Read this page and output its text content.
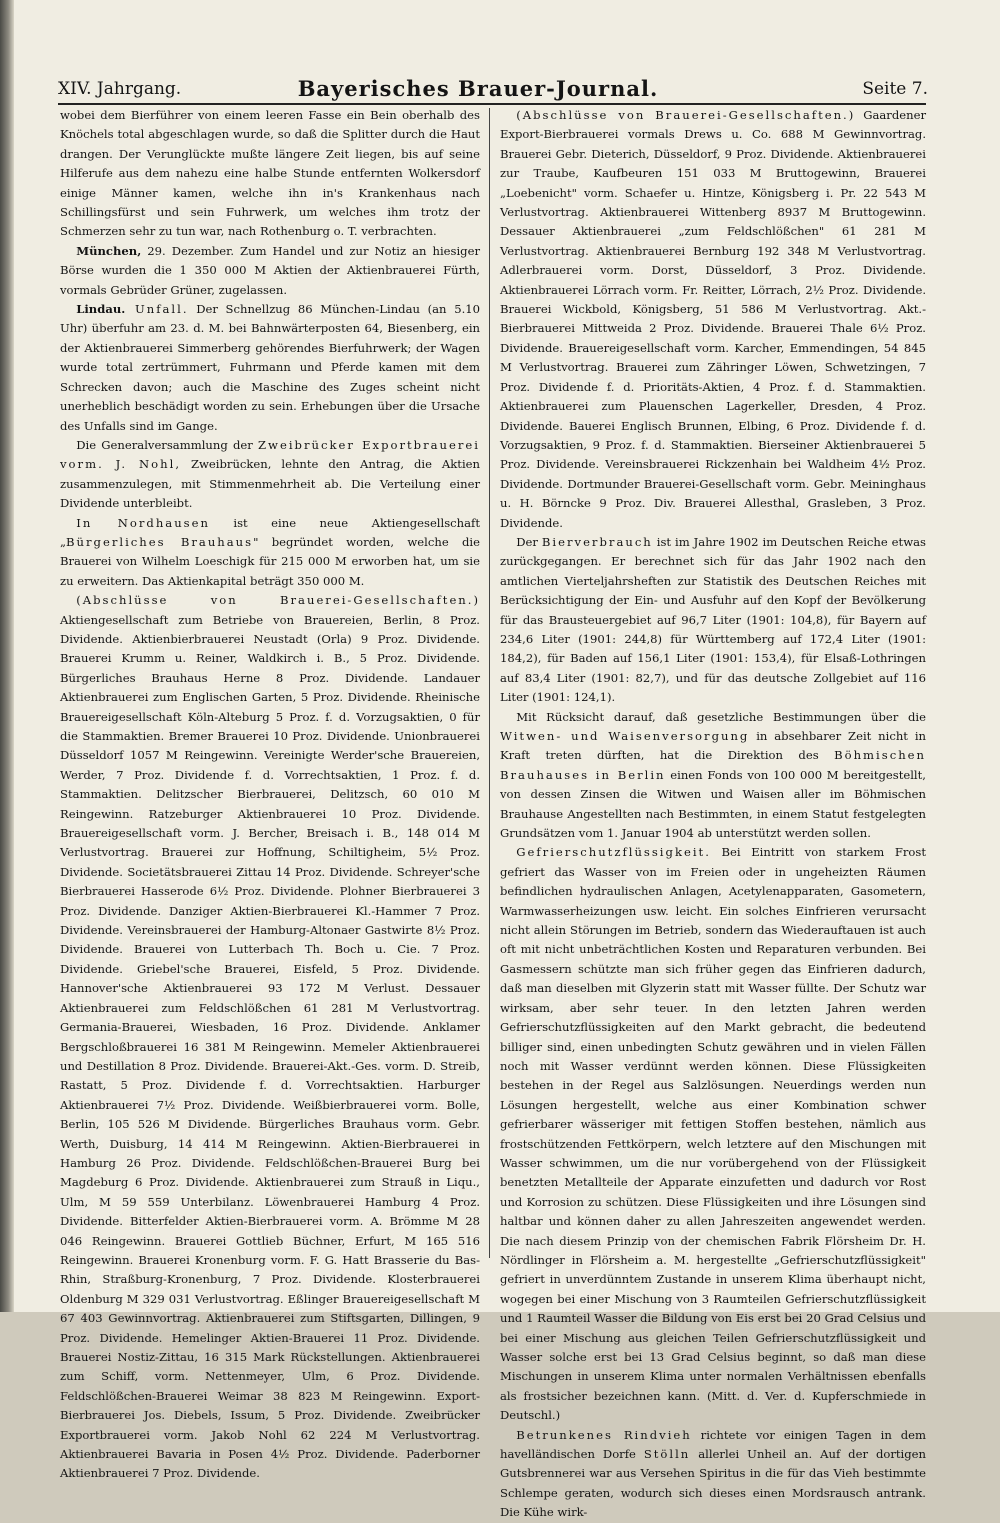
XIV. Jahrgang.	Bayerisches Brauer-Journal.	Seite 7.

wobei dem Bierführer von einem leeren Fasse ein Bein oberhalb des Knöchels total abgeschlagen wurde, so daß die Splitter durch die Haut drangen. Der Verunglückte mußte längere Zeit liegen, bis auf seine Hilferufe aus dem nahezu eine halbe Stunde entfernten Wolkersdorf einige Männer kamen, welche ihn in's Krankenhaus nach Schillingsfürst und sein Fuhrwerk, um welches ihm trotz der Schmerzen sehr zu tun war, nach Rothenburg o. T. verbrachten.

München, 29. Dezember. Zum Handel und zur Notiz an hiesiger Börse wurden die 1 350 000 M Aktien der Aktienbrauerei Fürth, vormals Gebrüder Grüner, zugelassen.

Lindau. Unfall. Der Schnellzug 86 München-Lindau (an 5.10 Uhr) überfuhr am 23. d. M. bei Bahnwärterposten 64, Biesenberg, ein der Aktienbrauerei Simmerberg gehörendes Bierfuhrwerk; der Wagen wurde total zertrümmert, Fuhrmann und Pferde kamen mit dem Schrecken davon; auch die Maschine des Zuges scheint nicht unerheblich beschädigt worden zu sein. Erhebungen über die Ursache des Unfalls sind im Gange.

Die Generalversammlung der Zweibrücker Exportbrauerei vorm. J. Nohl, Zweibrücken, lehnte den Antrag, die Aktien zusammenzulegen, mit Stimmenmehrheit ab. Die Verteilung einer Dividende unterbleibt.

In Nordhausen ist eine neue Aktiengesellschaft „Bürgerliches Brauhaus" begründet worden, welche die Brauerei von Wilhelm Loeschigk für 215 000 M erworben hat, um sie zu erweitern. Das Aktienkapital beträgt 350 000 M.

(Abschlüsse von Brauerei-Gesellschaften.) Aktiengesellschaft zum Betriebe von Brauereien, Berlin, 8 Proz. Dividende. Aktienbierbrauerei Neustadt (Orla) 9 Proz. Dividende. Brauerei Krumm u. Reiner, Waldkirch i. B., 5 Proz. Dividende. Bürgerliches Brauhaus Herne 8 Proz. Dividende. Landauer Aktienbrauerei zum Englischen Garten, 5 Proz. Dividende. Rheinische Brauereigesellschaft Köln-Alteburg 5 Proz. f. d. Vorzugsaktien, 0 für die Stammaktien. Bremer Brauerei 10 Proz. Dividende. Unionbrauerei Düsseldorf 1057 M Reingewinn. Vereinigte Werder'sche Brauereien, Werder, 7 Proz. Dividende f. d. Vorrechtsaktien, 1 Proz. f. d. Stammaktien. Delitzscher Bierbrauerei, Delitzsch, 60 010 M Reingewinn. Ratzeburger Aktienbrauerei 10 Proz. Dividende. Brauereigesellschaft vorm. J. Bercher, Breisach i. B., 148 014 M Verlustvortrag. Brauerei zur Hoffnung, Schiltigheim, 5½ Proz. Dividende. Societätsbrauerei Zittau 14 Proz. Dividende. Schreyer'sche Bierbrauerei Hasserode 6½ Proz. Dividende. Plohner Bierbrauerei 3 Proz. Dividende. Danziger Aktien-Bierbrauerei Kl.-Hammer 7 Proz. Dividende. Vereinsbrauerei der Hamburg-Altonaer Gastwirte 8½ Proz. Dividende. Brauerei von Lutterbach Th. Boch u. Cie. 7 Proz. Dividende. Griebel'sche Brauerei, Eisfeld, 5 Proz. Dividende. Hannover'sche Aktienbrauerei 93 172 M Verlust. Dessauer Aktienbrauerei zum Feldschlößchen 61 281 M Verlustvortrag. Germania-Brauerei, Wiesbaden, 16 Proz. Dividende. Anklamer Bergschloßbrauerei 16 381 M Reingewinn. Memeler Aktienbrauerei und Destillation 8 Proz. Dividende. Brauerei-Akt.-Ges. vorm. D. Streib, Rastatt, 5 Proz. Dividende f. d. Vorrechtsaktien. Harburger Aktienbrauerei 7½ Proz. Dividende. Weißbierbrauerei vorm. Bolle, Berlin, 105 526 M Dividende. Bürgerliches Brauhaus vorm. Gebr. Werth, Duisburg, 14 414 M Reingewinn. Aktien-Bierbrauerei in Hamburg 26 Proz. Dividende. Feldschlößchen-Brauerei Burg bei Magdeburg 6 Proz. Dividende. Aktienbrauerei zum Strauß in Liqu., Ulm, M 59 559 Unterbilanz. Löwenbrauerei Hamburg 4 Proz. Dividende. Bitterfelder Aktien-Bierbrauerei vorm. A. Brömme M 28 046 Reingewinn. Brauerei Gottlieb Büchner, Erfurt, M 165 516 Reingewinn. Brauerei Kronenburg vorm. F. G. Hatt Brasserie du Bas-Rhin, Straßburg-Kronenburg, 7 Proz. Dividende. Klosterbrauerei Oldenburg M 329 031 Verlustvortrag. Eßlinger Brauereigesellschaft M 67 403 Gewinnvortrag. Aktienbrauerei zum Stiftsgarten, Dillingen, 9 Proz. Dividende. Hemelinger Aktien-Brauerei 11 Proz. Dividende. Brauerei Nostiz-Zittau, 16 315 Mark Rückstellungen. Aktienbrauerei zum Schiff, vorm. Nettenmeyer, Ulm, 6 Proz. Dividende. Feldschlößchen-Brauerei Weimar 38 823 M Reingewinn. Export-Bierbrauerei Jos. Diebels, Issum, 5 Proz. Dividende. Zweibrücker Exportbrauerei vorm. Jakob Nohl 62 224 M Verlustvortrag. Aktienbrauerei Bavaria in Posen 4½ Proz. Dividende. Paderborner Aktienbrauerei 7 Proz. Dividende.

(Abschlüsse von Brauerei-Gesellschaften.) Gaardener Export-Bierbrauerei vormals Drews u. Co. 688 M Gewinnvortrag. Brauerei Gebr. Dieterich, Düsseldorf, 9 Proz. Dividende. Aktienbrauerei zur Traube, Kaufbeuren 151 033 M Bruttogewinn, Brauerei „Loebenicht" vorm. Schaefer u. Hintze, Königsberg i. Pr. 22 543 M Verlustvortrag. Aktienbrauerei Wittenberg 8937 M Bruttogewinn. Dessauer Aktienbrauerei „zum Feldschlößchen" 61 281 M Verlustvortrag. Aktienbrauerei Bernburg 192 348 M Verlustvortrag. Adlerbrauerei vorm. Dorst, Düsseldorf, 3 Proz. Dividende. Aktienbrauerei Lörrach vorm. Fr. Reitter, Lörrach, 2½ Proz. Dividende. Brauerei Wickbold, Königsberg, 51 586 M Verlustvortrag. Akt.-Bierbrauerei Mittweida 2 Proz. Dividende. Brauerei Thale 6½ Proz. Dividende. Brauereigesellschaft vorm. Karcher, Emmendingen, 54 845 M Verlustvortrag. Brauerei zum Zähringer Löwen, Schwetzingen, 7 Proz. Dividende f. d. Prioritäts-Aktien, 4 Proz. f. d. Stammaktien. Aktienbrauerei zum Plauenschen Lagerkeller, Dresden, 4 Proz. Dividende. Bauerei Englisch Brunnen, Elbing, 6 Proz. Dividende f. d. Vorzugsaktien, 9 Proz. f. d. Stammaktien. Bierseiner Aktienbrauerei 5 Proz. Dividende. Vereinsbrauerei Rickzenhain bei Waldheim 4½ Proz. Dividende. Dortmunder Brauerei-Gesellschaft vorm. Gebr. Meininghaus u. H. Börncke 9 Proz. Div. Brauerei Allesthal, Grasleben, 3 Proz. Dividende.

Der Bierverbrauch ist im Jahre 1902 im Deutschen Reiche etwas zurückgegangen. Er berechnet sich für das Jahr 1902 nach den amtlichen Vierteljahrsheften zur Statistik des Deutschen Reiches mit Berücksichtigung der Ein- und Ausfuhr auf den Kopf der Bevölkerung für das Brausteuergebiet auf 96,7 Liter (1901: 104,8), für Bayern auf 234,6 Liter (1901: 244,8) für Württemberg auf 172,4 Liter (1901: 184,2), für Baden auf 156,1 Liter (1901: 153,4), für Elsaß-Lothringen auf 83,4 Liter (1901: 82,7), und für das deutsche Zollgebiet auf 116 Liter (1901: 124,1).

Mit Rücksicht darauf, daß gesetzliche Bestimmungen über die Witwen- und Waisenversorgung in absehbarer Zeit nicht in Kraft treten dürften, hat die Direktion des Böhmischen Brauhauses in Berlin einen Fonds von 100 000 M bereitgestellt, von dessen Zinsen die Witwen und Waisen aller im Böhmischen Brauhause Angestellten nach Bestimmten, in einem Statut festgelegten Grundsätzen vom 1. Januar 1904 ab unterstützt werden sollen.

Gefrierschutzflüssigkeit. Bei Eintritt von starkem Frost gefriert das Wasser von im Freien oder in ungeheizten Räumen befindlichen hydraulischen Anlagen, Acetylenapparaten, Gasometern, Warmwasserheizungen usw. leicht. Ein solches Einfrieren verursacht nicht allein Störungen im Betrieb, sondern das Wiederauftauen ist auch oft mit nicht unbeträchtlichen Kosten und Reparaturen verbunden. Bei Gasmessern schützte man sich früher gegen das Einfrieren dadurch, daß man dieselben mit Glyzerin statt mit Wasser füllte. Der Schutz war wirksam, aber sehr teuer. In den letzten Jahren werden Gefrierschutzflüssigkeiten auf den Markt gebracht, die bedeutend billiger sind, einen unbedingten Schutz gewähren und in vielen Fällen noch mit Wasser verdünnt werden können. Diese Flüssigkeiten bestehen in der Regel aus Salzlösungen. Neuerdings werden nun Lösungen hergestellt, welche aus einer Kombination schwer gefrierbarer wässeriger mit fettigen Stoffen bestehen, nämlich aus frostschützenden Fettkörpern, welch letztere auf den Mischungen mit Wasser schwimmen, um die nur vorübergehend von der Flüssigkeit benetzten Metallteile der Apparate einzufetten und dadurch vor Rost und Korrosion zu schützen. Diese Flüssigkeiten und ihre Lösungen sind haltbar und können daher zu allen Jahreszeiten angewendet werden. Die nach diesem Prinzip von der chemischen Fabrik Flörsheim Dr. H. Nördlinger in Flörsheim a. M. hergestellte „Gefrierschutzflüssigkeit" gefriert in unverdünntem Zustande in unserem Klima überhaupt nicht, wogegen bei einer Mischung von 3 Raumteilen Gefrierschutzflüssigkeit und 1 Raumteil Wasser die Bildung von Eis erst bei 20 Grad Celsius und bei einer Mischung aus gleichen Teilen Gefrierschutzflüssigkeit und Wasser solche erst bei 13 Grad Celsius beginnt, so daß man diese Mischungen in unserem Klima unter normalen Verhältnissen ebenfalls als frostsicher bezeichnen kann. (Mitt. d. Ver. d. Kupferschmiede in Deutschl.)

Betrunkenes Rindvieh richtete vor einigen Tagen in dem havelländischen Dorfe Stölln allerlei Unheil an. Auf der dortigen Gutsbrennerei war aus Versehen Spiritus in die für das Vieh bestimmte Schlempe geraten, wodurch sich dieses einen Mordsrausch antrank. Die Kühe wirk-
